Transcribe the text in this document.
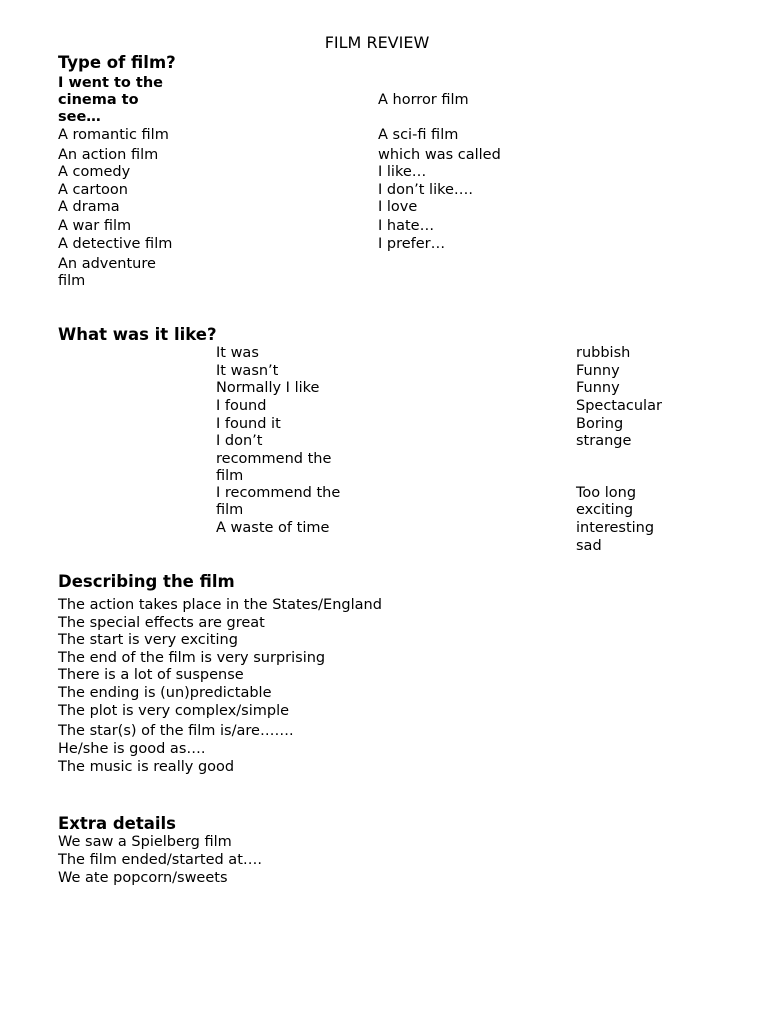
FILM REVIEW
Type of film?
I went to the
cinema to
see…
A romantic film
An action film
A comedy
A cartoon
A drama
A war film
A detective film
An adventure
film
A horror film
A sci-fi film
which was called
I like…
I don’t like….
I love
I hate…
I prefer…
What was it like?
It was
It wasn’t
Normally I like
I found
I found it
I don’t
recommend the
film
I recommend the
film
A waste of time
rubbish
Funny
Funny
Spectacular
Boring
strange
Too long
exciting
interesting
sad
Describing the film
The action takes place in the States/England
The special effects are great
The start is very exciting
The end of the film is very surprising
There is a lot of suspense
The ending is (un)predictable
The plot is very complex/simple
The star(s) of the film is/are…….
He/she is good as….
The music is really good
Extra details
We saw a Spielberg film
The film ended/started at….
We ate popcorn/sweets
